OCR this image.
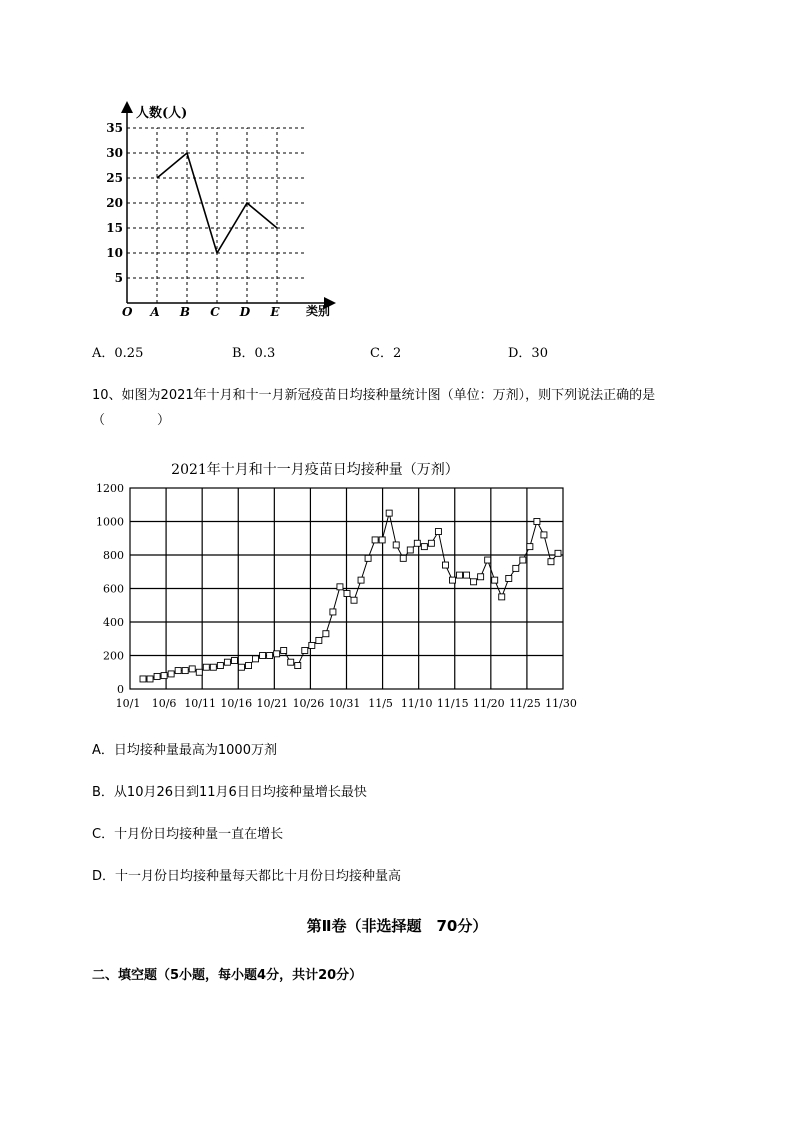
人数(人)
类别
O
5
10
15
20
25
30
35
A B C D E
A．0.25	B．0.3	C．2	D．30
10、如图为2021年十月和十一月新冠疫苗日均接种量统计图（单位：万剂），则下列说法正确的是
（　　　　）
2021年十月和十一月疫苗日均接种量（万剂）
0
200
400
600
800
1000
1200
10/1 10/6 10/11 10/16 10/21 10/26 10/31 11/5 11/10 11/15 11/20 11/25 11/30
A．日均接种量最高为1000万剂
B．从10月26日到11月6日日均接种量增长最快
C．十月份日均接种量一直在增长
D．十一月份日均接种量每天都比十月份日均接种量高
第Ⅱ卷（非选择题　70分）
二、填空题（5小题，每小题4分，共计20分）
